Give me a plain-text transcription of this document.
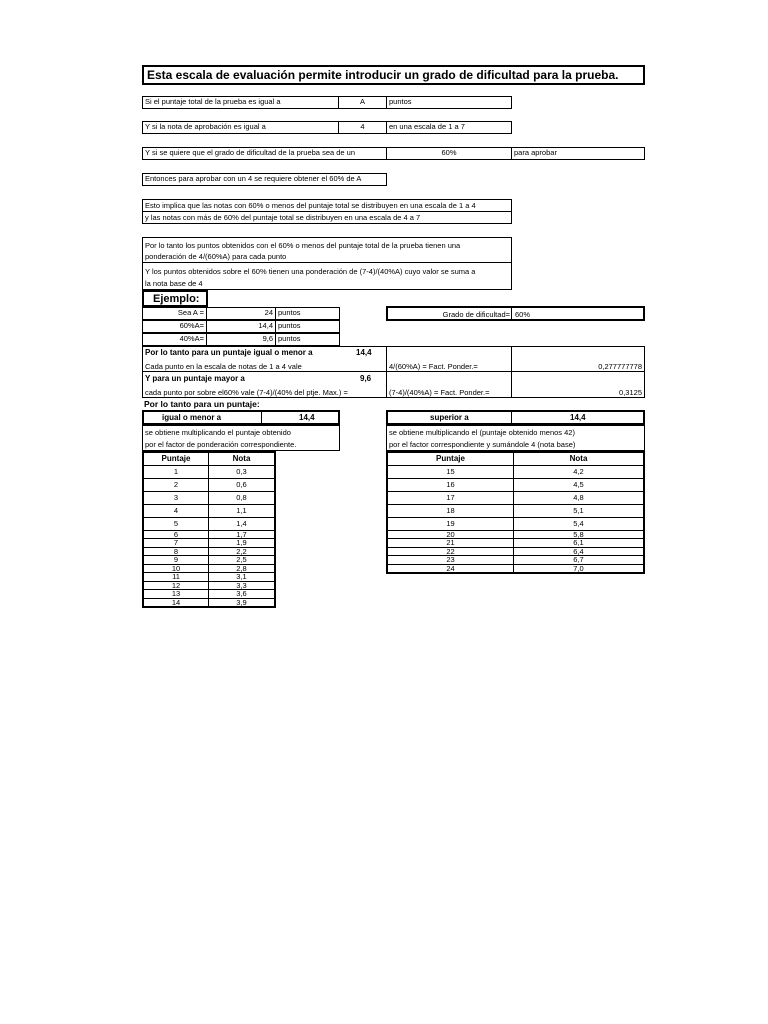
Esta escala de evaluación permite introducir un grado de dificultad para la prueba.
Si el puntaje total de la prueba es igual a	A	puntos
Y si la nota de aprobación es igual a	4	en una escala de 1 a 7
Y si se quiere que el grado de dificultad de la prueba sea de un	60%	para aprobar
Entonces para aprobar con un 4 se requiere obtener el 60% de A
Esto implica que las notas con 60% o menos del puntaje total se distribuyen en una escala de 1 a 4
y las notas con más de 60% del puntaje total se distribuyen en una escala de 4 a 7
Por lo tanto los puntos obtenidos con el 60% o menos del puntaje total de la prueba tienen una
ponderación de 4/(60%A) para cada punto
Y los puntos obtenidos sobre el 60% tienen una ponderación de (7-4)/(40%A) cuyo valor se suma a
la nota base de 4
Ejemplo:
Sea A =	24 puntos
60%A=	14,4 puntos
40%A=	9,6 puntos
Grado de dificultad= 60%
Por lo tanto para un puntaje igual o menor a	14,4
Cada punto en la escala de notas de 1 a 4 vale	4/(60%A) = Fact. Ponder.=	0,277777778
Y para un puntaje mayor a	9,6
cada punto por sobre el60% vale (7-4)/(40% del ptje. Max.) =	(7-4)/(40%A) = Fact. Ponder.=	0,3125
Por lo tanto para un puntaje:
igual o menor a	14,4
se obtiene multiplicando el puntaje obtenido
por el factor de ponderación correspondiente.
superior a	14,4
se obtiene multiplicando el (puntaje obtenido menos 42)
por el factor correspondiente y sumándole 4 (nota base)
Puntaje	Nota
1	0,3
2	0,6
3	0,8
4	1,1
5	1,4
6	1,7
7	1,9
8	2,2
9	2,5
10	2,8
11	3,1
12	3,3
13	3,6
14	3,9
Puntaje	Nota
15	4,2
16	4,5
17	4,8
18	5,1
19	5,4
20	5,8
21	6,1
22	6,4
23	6,7
24	7,0
